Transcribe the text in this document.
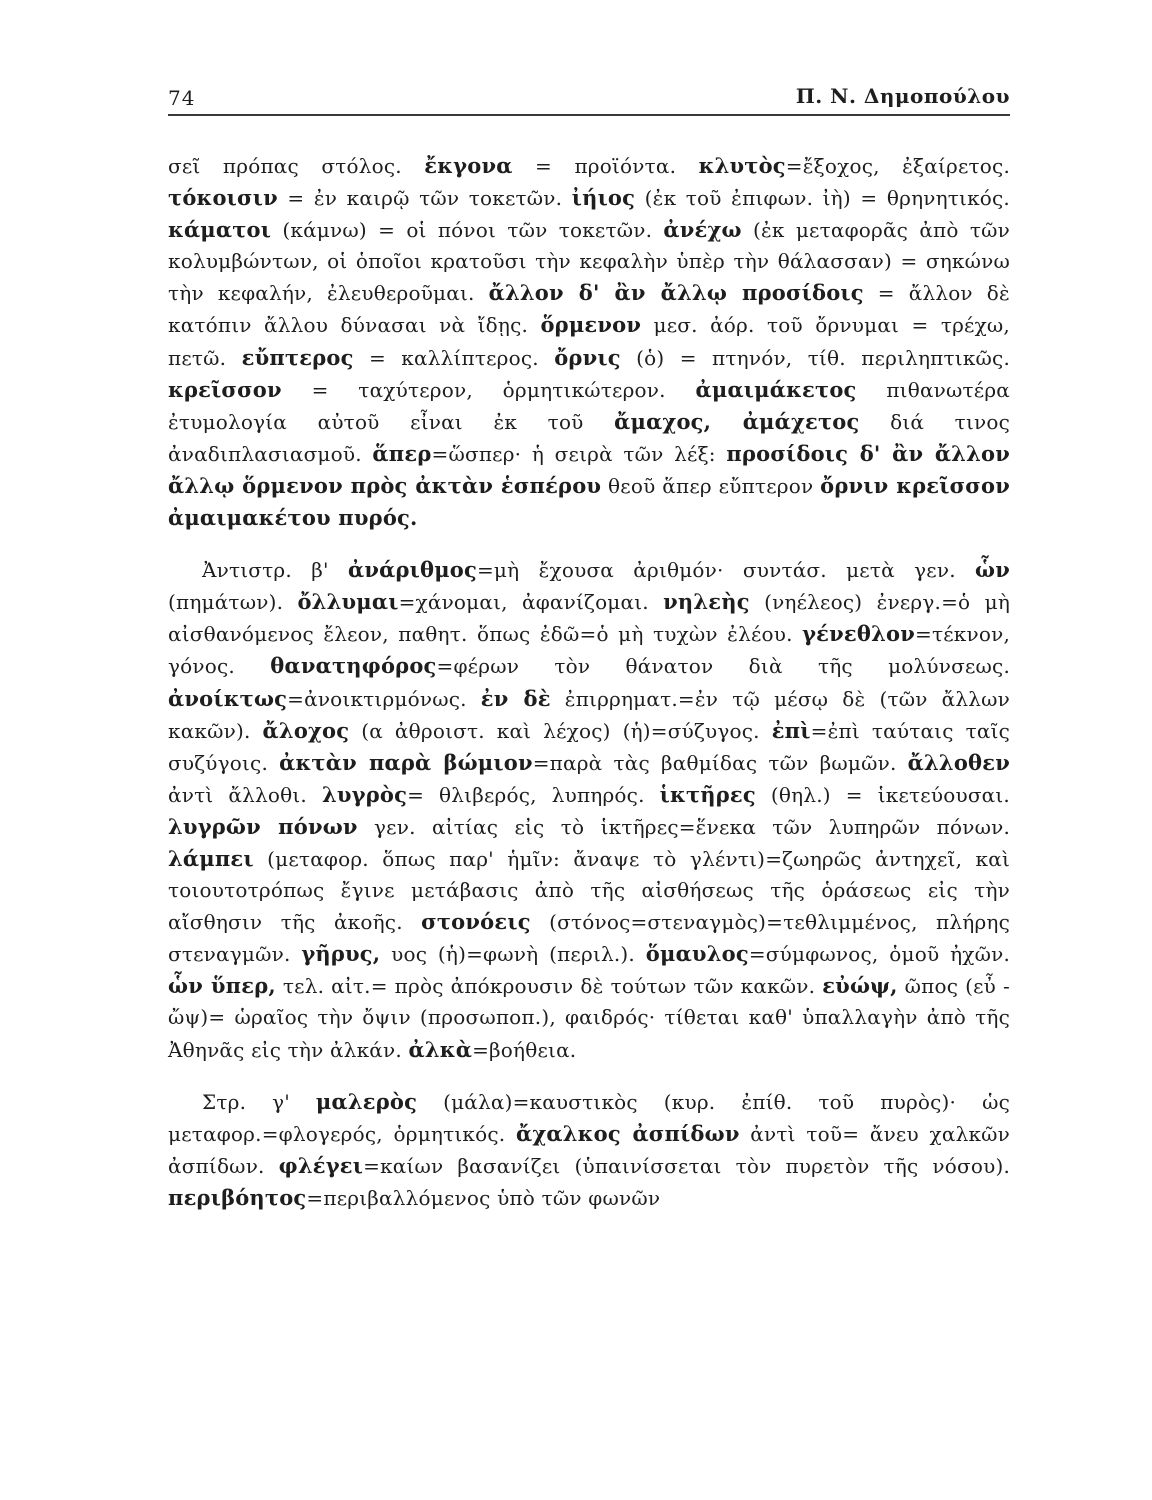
74	Π. Ν. Δημοπούλου

σεῖ πρόπας στόλος. ἔκγονα = προϊόντα. κλυτὸς=ἔξοχος, ἐξαίρετος. τόκοισιν = ἐν καιρῷ τῶν τοκετῶν. ἰήιος (ἐκ τοῦ ἐπιφων. ἰὴ) = θρηνητικός. κάματοι (κάμνω) = οἱ πόνοι τῶν τοκετῶν. ἀνέχω (ἐκ μεταφορᾶς ἀπὸ τῶν κολυμβώντων, οἱ ὁποῖοι κρατοῦσι τὴν κεφαλὴν ὑπὲρ τὴν θάλασσαν) = σηκώνω τὴν κεφαλήν, ἐλευθεροῦμαι. ἄλλον δ' ἂν ἄλλῳ προσίδοις = ἄλλον δὲ κατόπιν ἄλλου δύνασαι νὰ ἴδῃς. ὅρμενον μεσ. ἀόρ. τοῦ ὄρνυμαι = τρέχω, πετῶ. εὔπτερος = καλλίπτερος. ὄρνις (ὁ) = πτηνόν, τίθ. περιληπτικῶς. κρεῖσσον = ταχύτερον, ὁρμητικώτερον. ἀμαιμάκετος πιθανωτέρα ἐτυμολογία αὐτοῦ εἶναι ἐκ τοῦ ἄμαχος, ἀμάχετος διά τινος ἀναδιπλασιασμοῦ. ἅπερ=ὥσπερ· ἡ σειρὰ τῶν λέξ: προσίδοις δ' ἂν ἄλλον ἄλλῳ ὅρμενον πρὸς ἀκτὰν ἑσπέρου θεοῦ ἅπερ εὔπτερον ὄρνιν κρεῖσσον ἀμαιμακέτου πυρός.

Ἀντιστρ. β' ἀνάριθμος=μὴ ἔχουσα ἀριθμόν· συντάσ. μετὰ γεν. ὧν (πημάτων). ὄλλυμαι=χάνομαι, ἀφανίζομαι. νηλεὴς (νηέλεος) ἐνεργ.=ὁ μὴ αἰσθανόμενος ἔλεον, παθητ. ὅπως ἐδῶ=ὁ μὴ τυχὼν ἐλέου. γένεθλον=τέκνον, γόνος. θανατηφόρος=φέρων τὸν θάνατον διὰ τῆς μολύνσεως. ἀνοίκτως=ἀνοικτιρμόνως. ἐν δὲ ἐπιρρηματ.=ἐν τῷ μέσῳ δὲ (τῶν ἄλλων κακῶν). ἄλοχος (α ἀθροιστ. καὶ λέχος) (ἡ)=σύζυγος. ἐπὶ=ἐπὶ ταύταις ταῖς συζύγοις. ἀκτὰν παρὰ βώμιον=παρὰ τὰς βαθμίδας τῶν βωμῶν. ἄλλοθεν ἀντὶ ἄλλοθι. λυγρὸς= θλιβερός, λυπηρός. ἱκτῆρες (θηλ.) = ἱκετεύουσαι. λυγρῶν πόνων γεν. αἰτίας εἰς τὸ ἱκτῆρες=ἕνεκα τῶν λυπηρῶν πόνων. λάμπει (μεταφορ. ὅπως παρ' ἡμῖν: ἄναψε τὸ γλέντι)=ζωηρῶς ἀντηχεῖ, καὶ τοιουτοτρόπως ἔγινε μετάβασις ἀπὸ τῆς αἰσθήσεως τῆς ὁράσεως εἰς τὴν αἴσθησιν τῆς ἀκοῆς. στονόεις (στόνος=στεναγμὸς)=τεθλιμμένος, πλήρης στεναγμῶν. γῆρυς, υος (ἡ)=φωνὴ (περιλ.). ὅμαυλος=σύμφωνος, ὁμοῦ ἠχῶν. ὧν ὕπερ, τελ. αἰτ.= πρὸς ἀπόκρουσιν δὲ τούτων τῶν κακῶν. εὐώψ, ῶπος (εὖ - ὤψ)= ὡραῖος τὴν ὄψιν (προσωποπ.), φαιδρός· τίθεται καθ' ὑπαλλαγὴν ἀπὸ τῆς Ἀθηνᾶς εἰς τὴν ἀλκάν. ἀλκὰ=βοήθεια.

Στρ. γ' μαλερὸς (μάλα)=καυστικὸς (κυρ. ἐπίθ. τοῦ πυρὸς)· ὡς μεταφορ.=φλογερός, ὁρμητικός. ἄχαλκος ἀσπίδων ἀντὶ τοῦ= ἄνευ χαλκῶν ἀσπίδων. φλέγει=καίων βασανίζει (ὑπαινίσσεται τὸν πυρετὸν τῆς νόσου). περιβόητος=περιβαλλόμενος ὑπὸ τῶν φωνῶν
